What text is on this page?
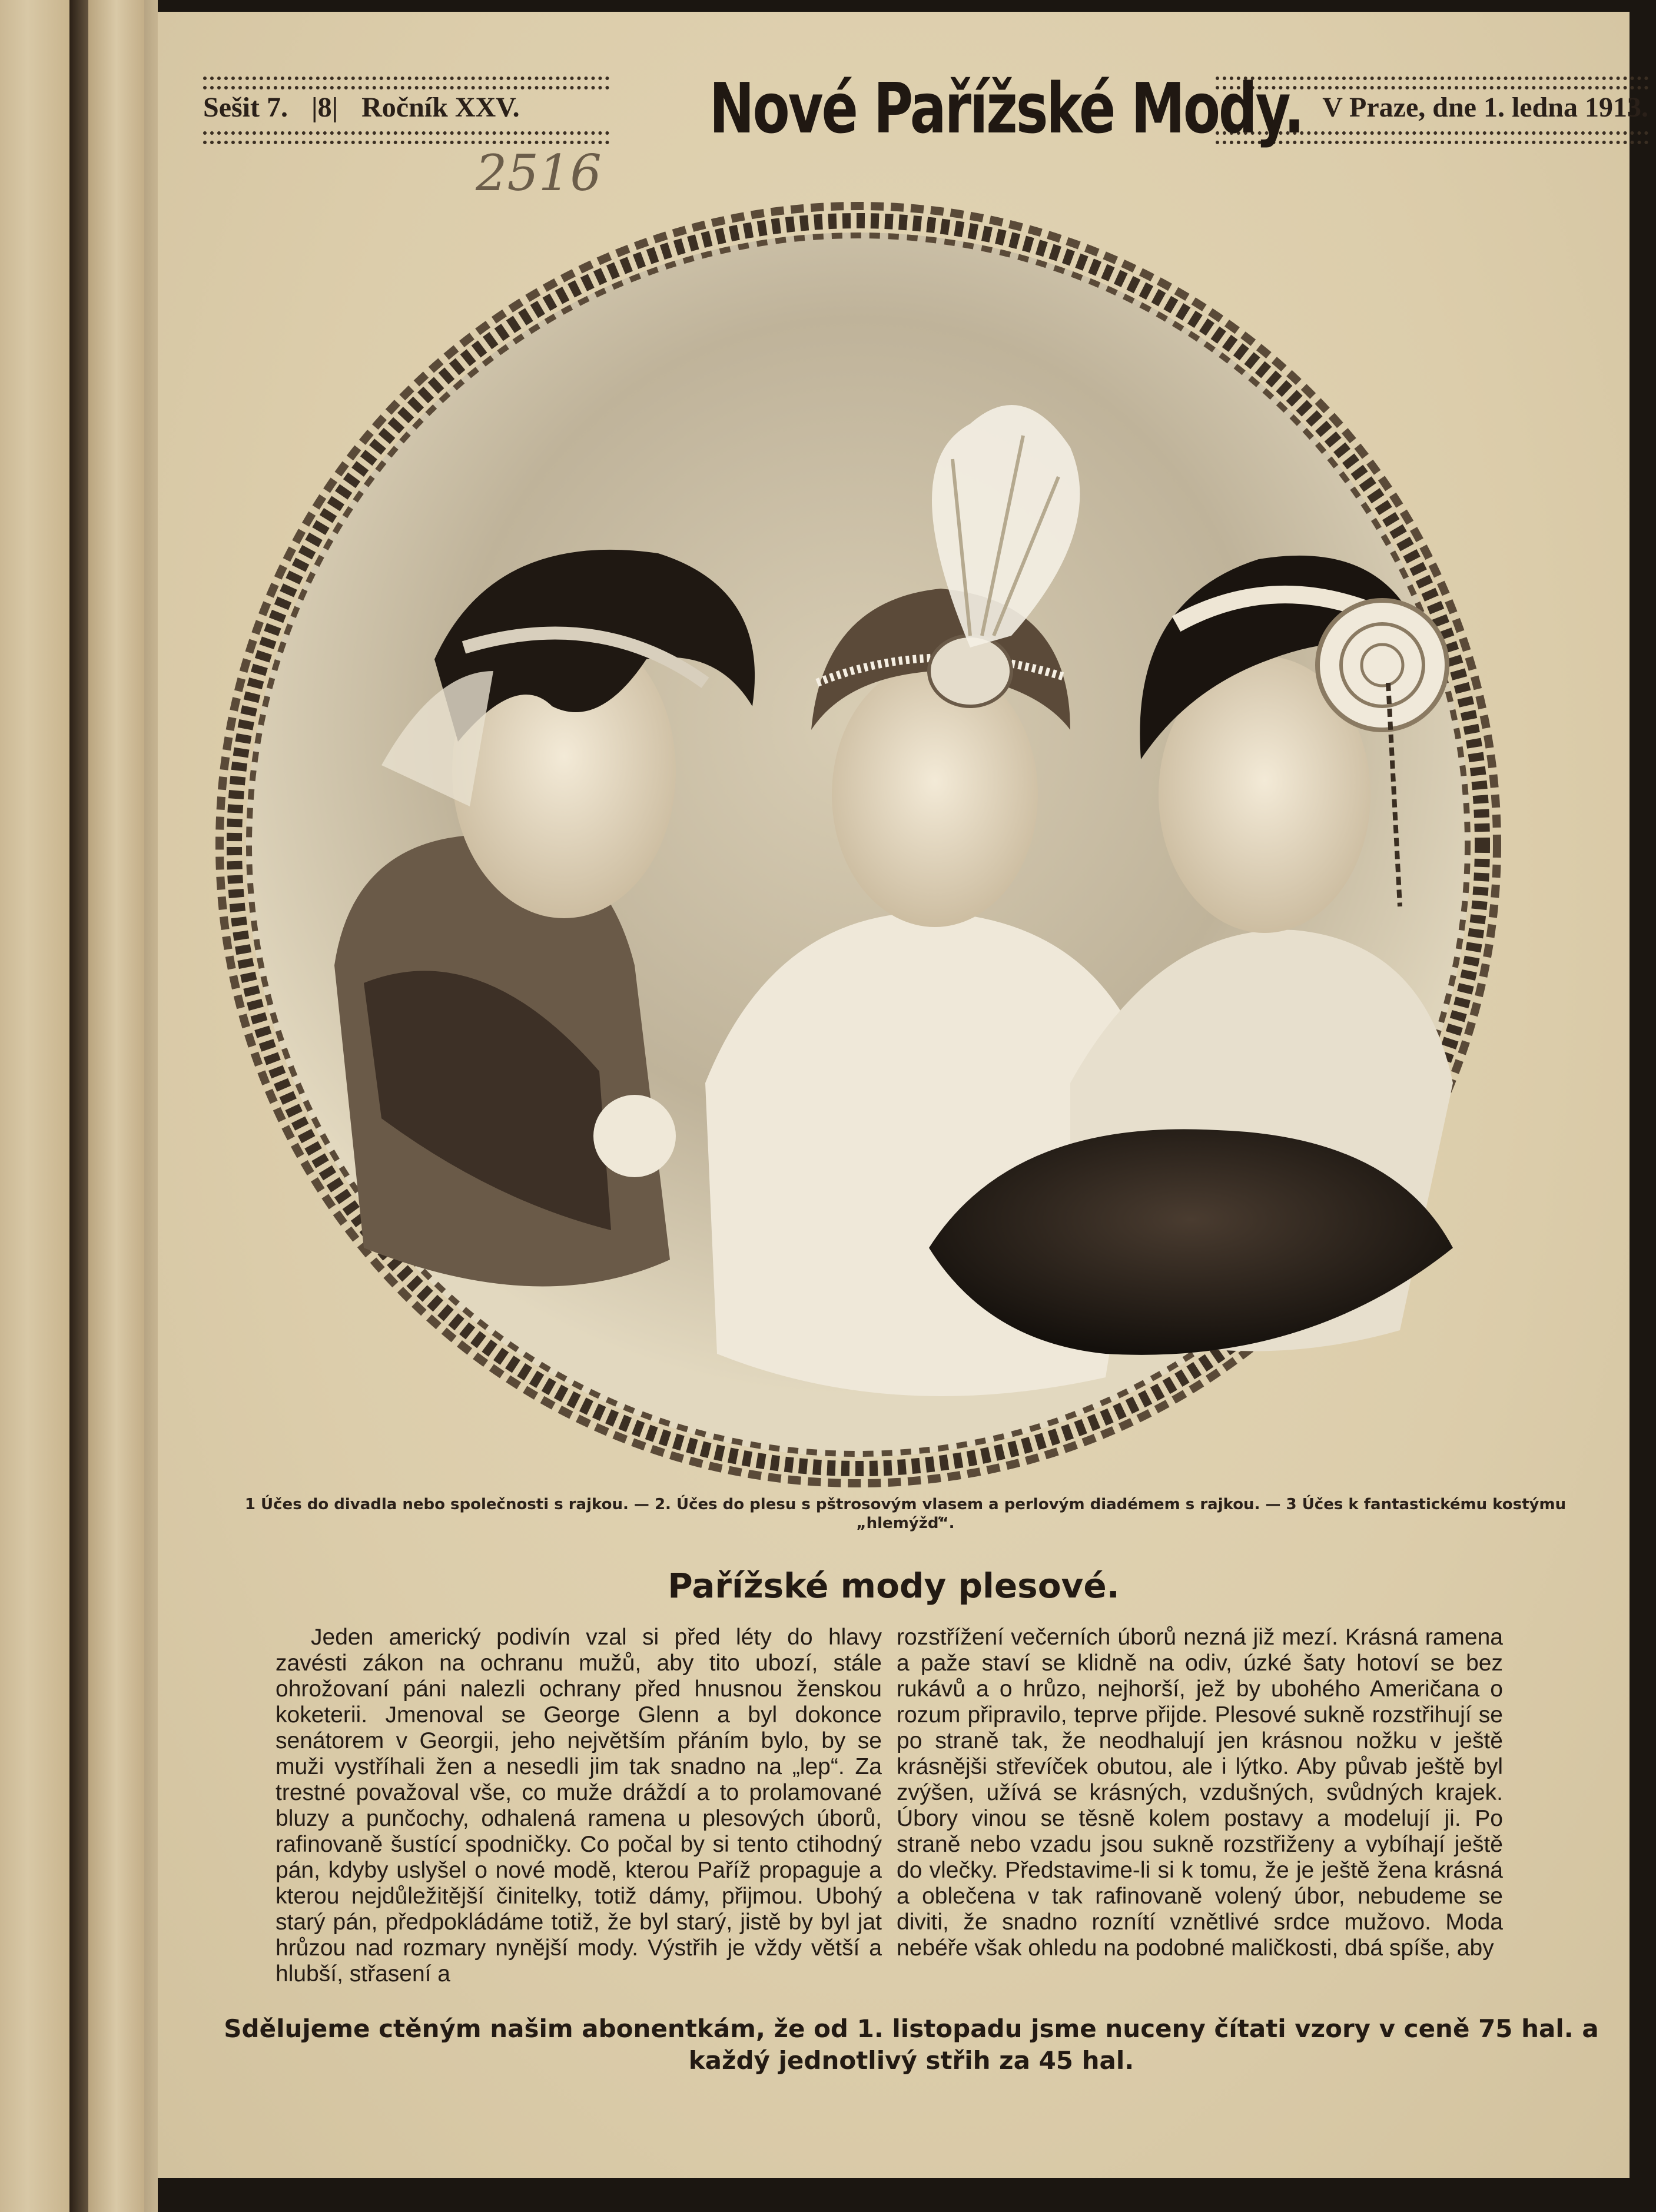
Sešit 7. |8| Ročník XXV.	Nové Pařížské Mody. V Praze, dne 1. ledna 1913.
2516
1 Účes do divadla nebo společnosti s rajkou. — 2. Účes do plesu s pštrosovým vlasem a perlovým diadémem s rajkou. — 3 Účes k fantastickému kostýmu „hlemýžď“.
Pařížské mody plesové.

Jeden americký podivín vzal si před léty do hlavy zavésti zákon na ochranu mužů, aby tito ubozí, stále ohrožovaní páni nalezli ochrany před hnusnou ženskou koketerii. Jmenoval se George Glenn a byl dokonce senátorem v Georgii, jeho největším přáním bylo, by se muži vystříhali žen a nesedli jim tak snadno na „lep“. Za trestné považoval vše, co muže dráždí a to prolamované bluzy a punčochy, odhalená ramena u plesových úborů, rafinovaně šustící spodničky. Co počal by si tento ctihodný pán, kdyby uslyšel o nové modě, kterou Paříž propaguje a kterou nejdůležitější činitelky, totiž dámy, přijmou. Ubohý starý pán, předpokládáme totiž, že byl starý, jistě by byl jat hrůzou nad rozmary nynější mody. Výstřih je vždy větší a hlubší, střasení a

rozstřížení večerních úborů nezná již mezí. Krásná ramena a paže staví se klidně na odiv, úzké šaty hotoví se bez rukávů a o hrůzo, nejhorší, jež by ubohého Američana o rozum připravilo, teprve přijde. Plesové sukně rozstřihují se po straně tak, že neodhalují jen krásnou nožku v ještě krásnějši střevíček obutou, ale i lýtko. Aby půvab ještě byl zvýšen, užívá se krásných, vzdušných, svůdných krajek. Úbory vinou se těsně kolem postavy a modelují ji. Po straně nebo vzadu jsou sukně rozstřiženy a vybíhají ještě do vlečky. Představime-li si k tomu, že je ještě žena krásná a oblečena v tak rafinovaně volený úbor, nebudeme se diviti, že snadno roznítí vznětlivé srdce mužovo. Moda nebéře však ohledu na podobné maličkosti, dbá spíše, aby

Sdělujeme ctěným našim abonentkám, že od 1. listopadu jsme nuceny čítati vzory v ceně 75 hal. a každý jednotlivý střih za 45 hal.
